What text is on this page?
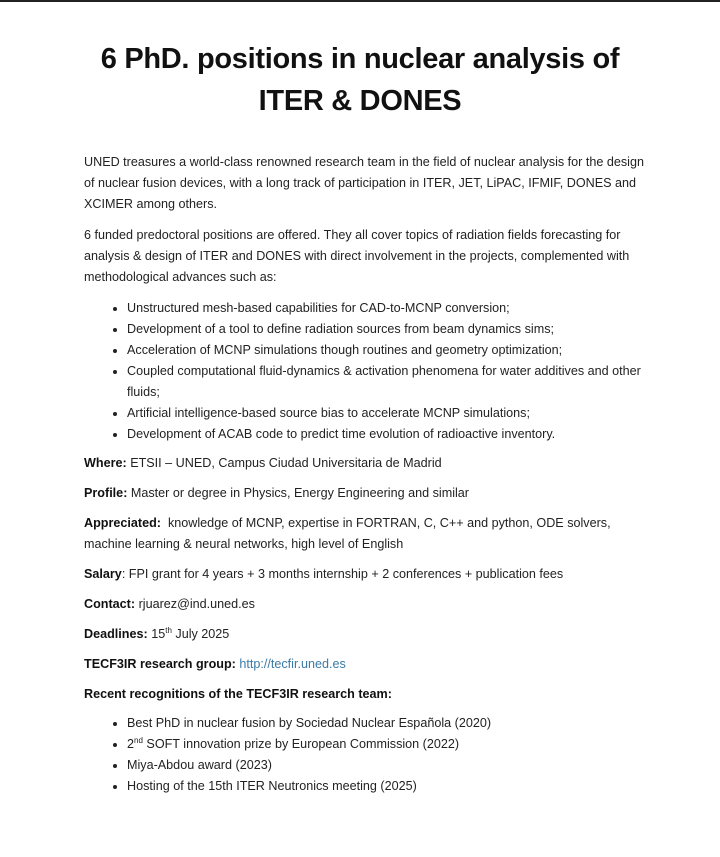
6 PhD. positions in nuclear analysis of
ITER & DONES

UNED treasures a world-class renowned research team in the field of nuclear analysis for the design of nuclear fusion devices, with a long track of participation in ITER, JET, LiPAC, IFMIF, DONES and XCIMER among others.

6 funded predoctoral positions are offered. They all cover topics of radiation fields forecasting for analysis & design of ITER and DONES with direct involvement in the projects, complemented with methodological advances such as:

• Unstructured mesh-based capabilities for CAD-to-MCNP conversion;
• Development of a tool to define radiation sources from beam dynamics sims;
• Acceleration of MCNP simulations though routines and geometry optimization;
• Coupled computational fluid-dynamics & activation phenomena for water additives and other fluids;
• Artificial intelligence-based source bias to accelerate MCNP simulations;
• Development of ACAB code to predict time evolution of radioactive inventory.
Where: ETSII – UNED, Campus Ciudad Universitaria de Madrid
Profile: Master or degree in Physics, Energy Engineering and similar
Appreciated: knowledge of MCNP, expertise in FORTRAN, C, C++ and python, ODE solvers, machine learning & neural networks, high level of English
Salary: FPI grant for 4 years + 3 months internship + 2 conferences + publication fees
Contact: rjuarez@ind.uned.es
Deadlines: 15th July 2025
TECF3IR research group: http://tecfir.uned.es
Recent recognitions of the TECF3IR research team:
• Best PhD in nuclear fusion by Sociedad Nuclear Española (2020)
• 2nd SOFT innovation prize by European Commission (2022)
• Miya-Abdou award (2023)
• Hosting of the 15th ITER Neutronics meeting (2025)
